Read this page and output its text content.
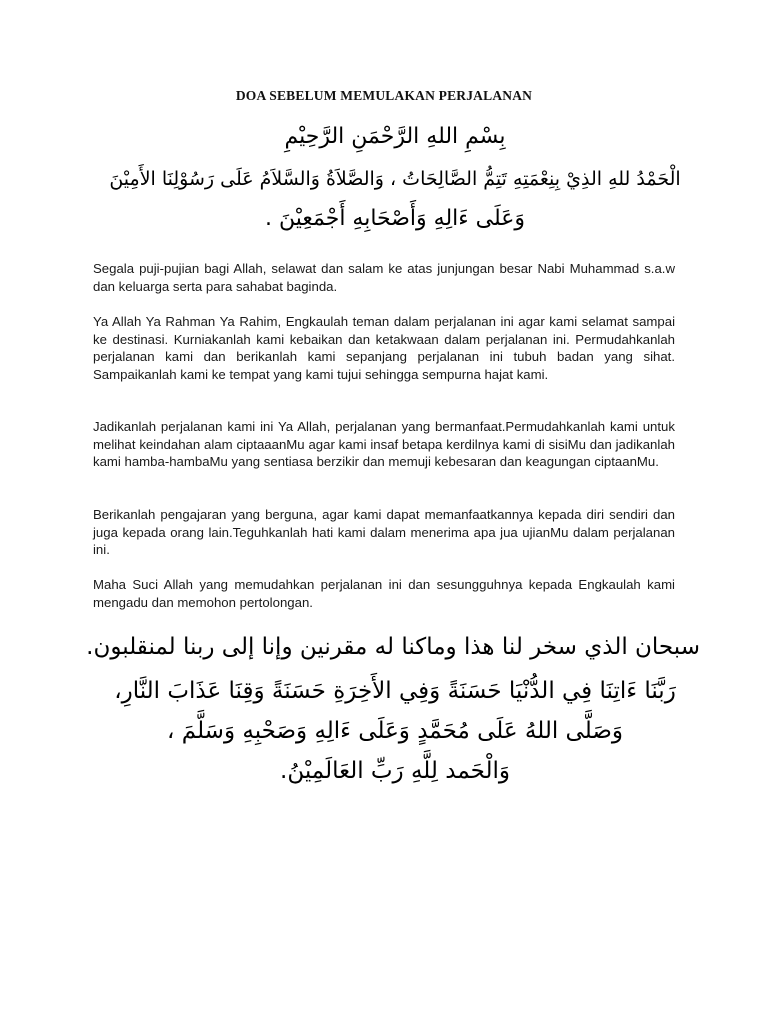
DOA SEBELUM MEMULAKAN PERJALANAN
بِسْمِ اللهِ الرَّحْمَنِ الرَّحِيْمِ
الْحَمْدُ للهِ الذِيْ بِنِعْمَتِهِ تَتِمُّ الصَّالِحَاتُ ، وَالصَّلاَةُ وَالسَّلاَمُ عَلَى رَسُوْلِنَا الأَمِيْنَ
وَعَلَى ءَالِهِ وَأَصْحَابِهِ أَجْمَعِيْنَ .

Segala puji-pujian bagi Allah, selawat dan salam ke atas junjungan besar Nabi Muhammad s.a.w dan keluarga serta para sahabat baginda.

Ya Allah Ya Rahman Ya Rahim, Engkaulah teman dalam perjalanan ini agar kami selamat sampai ke destinasi. Kurniakanlah kami kebaikan dan ketakwaan dalam perjalanan ini. Permudahkanlah perjalanan kami dan berikanlah kami sepanjang perjalanan ini tubuh badan yang sihat. Sampaikanlah kami ke tempat yang kami tujui sehingga sempurna hajat kami.

Jadikanlah perjalanan kami ini Ya Allah, perjalanan yang bermanfaat.Permudahkanlah kami untuk melihat keindahan alam ciptaaanMu agar kami insaf betapa kerdilnya kami di sisiMu dan jadikanlah kami hamba-hambaMu yang sentiasa berzikir dan memuji kebesaran dan keagungan ciptaanMu.

Berikanlah pengajaran yang berguna, agar kami dapat memanfaatkannya kepada diri sendiri dan juga kepada orang lain.Teguhkanlah hati kami dalam menerima apa jua ujianMu dalam perjalanan ini.

Maha Suci Allah yang memudahkan perjalanan ini dan sesungguhnya kepada Engkaulah kami mengadu dan memohon pertolongan.

سبحان الذي سخر لنا هذا وماكنا له مقرنين وإنا إلى ربنا لمنقلبون.
رَبَّنَا ءَاتِنَا فِي الدُّنْيَا حَسَنَةً وَفِي الأَخِرَةِ حَسَنَةً وَقِنَا عَذَابَ النَّارِ،
وَصَلَّى اللهُ عَلَى مُحَمَّدٍ وَعَلَى ءَالِهِ وَصَحْبِهِ وَسَلَّمَ ،
وَالْحَمد لِلَّهِ رَبِّ العَالَمِيْنُ.
